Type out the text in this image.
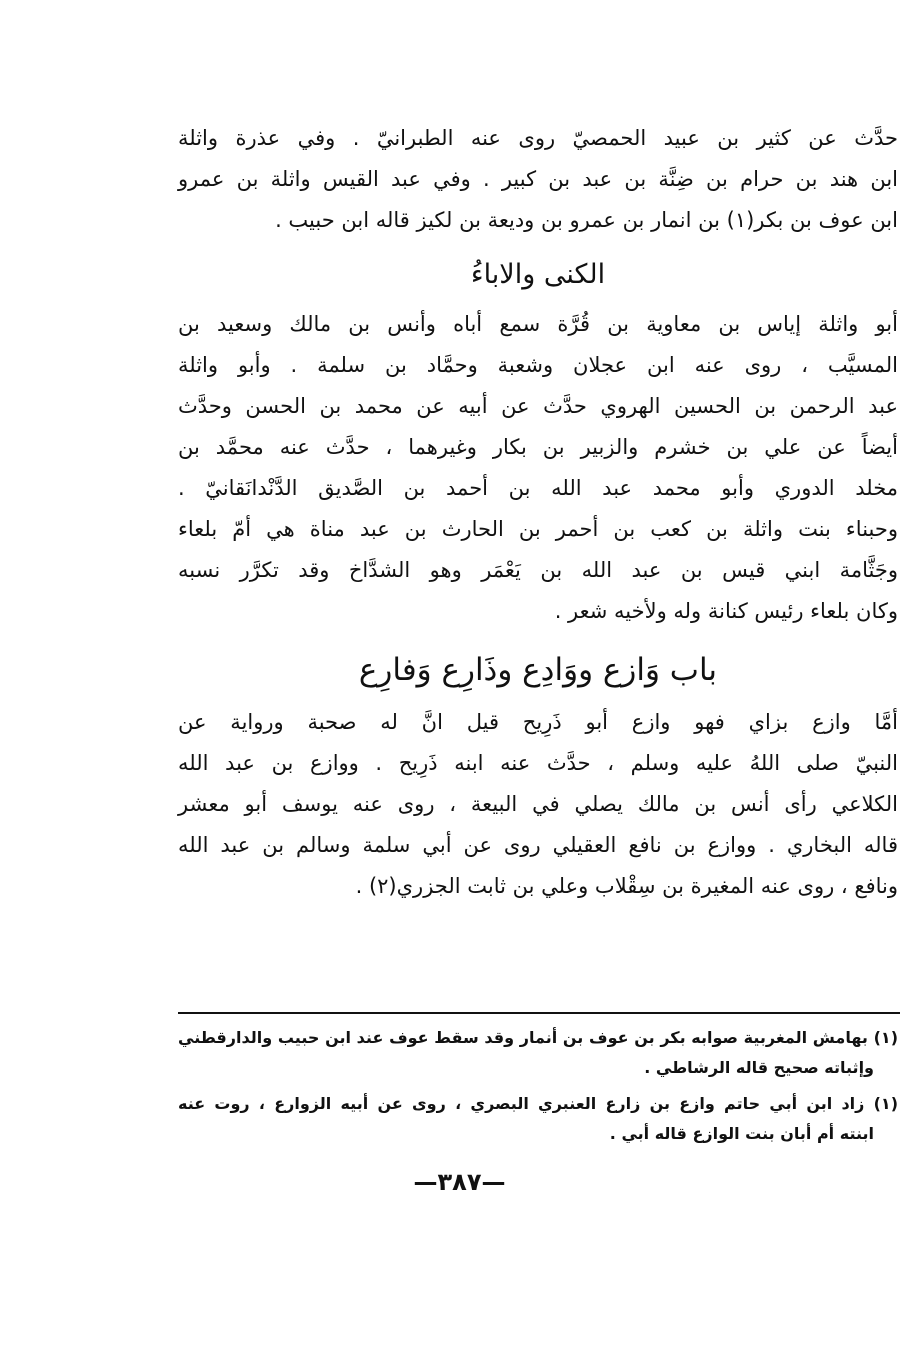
حدَّث عن كثير بن عبيد الحمصيّ روى عنه الطبرانيّ . وفي عذرة واثلة
ابن هند بن حرام بن ضِنَّة بن عبد بن كبير . وفي عبد القيس واثلة بن عمرو
ابن عوف بن بكر(١) بن انمار بن عمرو بن وديعة بن لكيز قاله ابن حبيب .
الكنى والاباءُ
أبو واثلة إياس بن معاوية بن قُرَّة سمع أباه وأنس بن مالك وسعيد بن
المسيَّب ، روى عنه ابن عجلان وشعبة وحمَّاد بن سلمة . وأبو واثلة
عبد الرحمن بن الحسين الهروي حدَّث عن أبيه عن محمد بن الحسن وحدَّث
أيضاً عن علي بن خشرم والزبير بن بكار وغيرهما ، حدَّث عنه محمَّد بن
مخلد الدوري وأبو محمد عبد الله بن أحمد بن الصَّديق الدَّنْدانَقانيّ .
وحبناء بنت واثلة بن كعب بن أحمر بن الحارث بن عبد مناة هي أمّ بلعاء
وجَثَّامة ابني قيس بن عبد الله بن يَعْمَر وهو الشدَّاخ وقد تكرَّر نسبه
وكان بلعاء رئيس كنانة وله ولأخيه شعر .
باب وَازع ووَادِع وذَارِع وَفارِع
أمَّا وازع بزاي فهو وازع أبو ذَرِيح قيل انَّ له صحبة ورواية عن
النبيّ صلى اللهُ عليه وسلم ، حدَّث عنه ابنه ذَرِيح . ووازع بن عبد الله
الكلاعي رأى أنس بن مالك يصلي في البيعة ، روى عنه يوسف أبو معشر
قاله البخاري . ووازع بن نافع العقيلي روى عن أبي سلمة وسالم بن عبد الله
ونافع ، روى عنه المغيرة بن سِقْلاب وعلي بن ثابت الجزري(٢) .
(١) بهامش المغربية صوابه بكر بن عوف بن أنمار وقد سقط عوف عند ابن حبيب والدارقطني
وإثباته صحيح قاله الرشاطي .
(١) زاد ابن أبي حاتم وازع بن زارع العنبري البصري ، روى عن أبيه الزوارع ، روت عنه
ابنته أم أبان بنت الوازع قاله أبي .
—٣٨٧—
